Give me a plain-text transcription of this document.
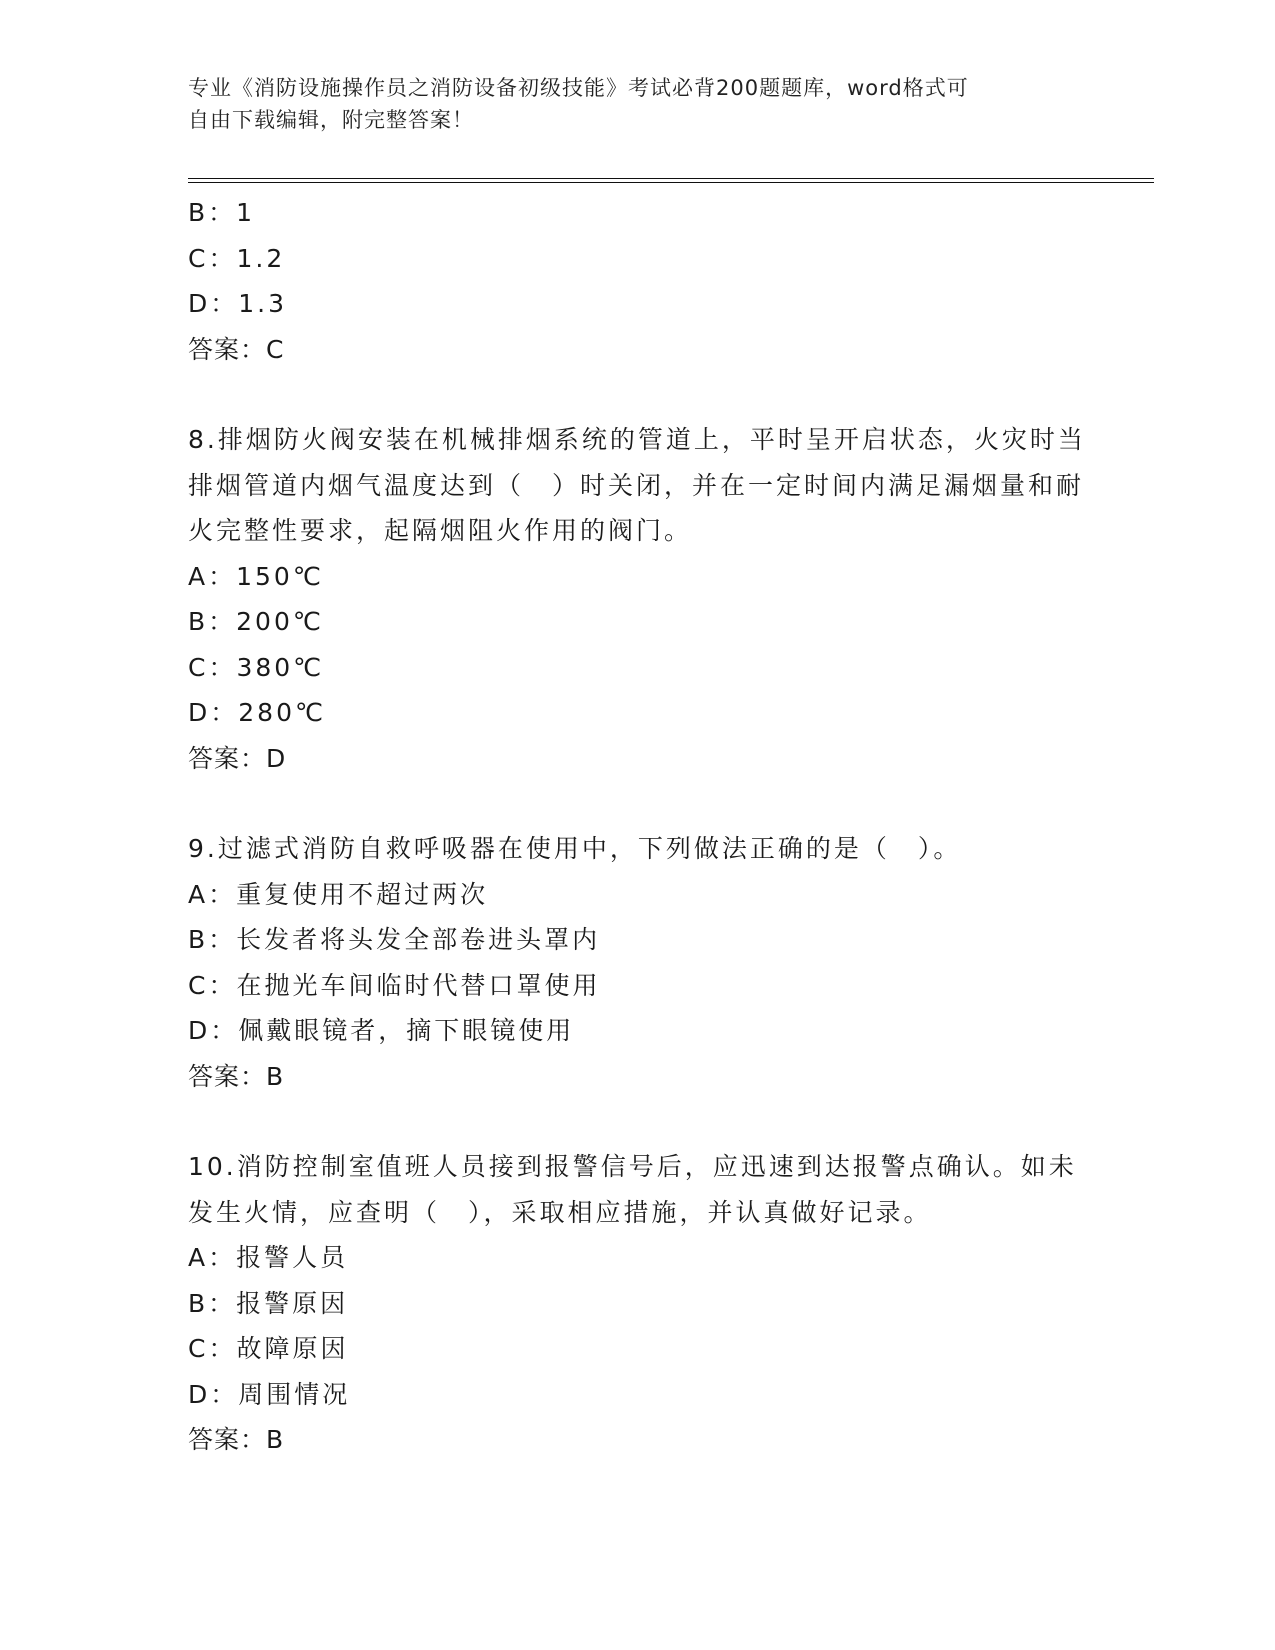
专业《消防设施操作员之消防设备初级技能》考试必背200题题库，word格式可
自由下载编辑，附完整答案！
B：1
C：1.2
D：1.3
答案：C
8.排烟防火阀安装在机械排烟系统的管道上，平时呈开启状态，火灾时当排烟管道内烟气温度达到（　）时关闭，并在一定时间内满足漏烟量和耐火完整性要求，起隔烟阻火作用的阀门。
A：150℃
B：200℃
C：380℃
D：280℃
答案：D
9.过滤式消防自救呼吸器在使用中，下列做法正确的是（　）。
A：重复使用不超过两次
B：长发者将头发全部卷进头罩内
C：在抛光车间临时代替口罩使用
D：佩戴眼镜者，摘下眼镜使用
答案：B
10.消防控制室值班人员接到报警信号后，应迅速到达报警点确认。如未发生火情，应查明（　），采取相应措施，并认真做好记录。
A：报警人员
B：报警原因
C：故障原因
D：周围情况
答案：B
